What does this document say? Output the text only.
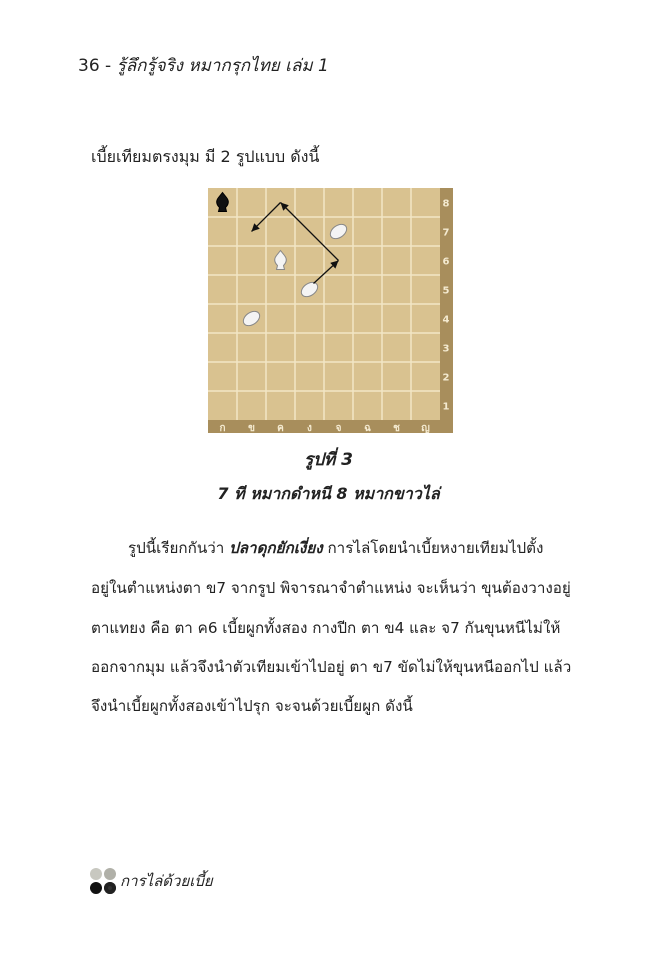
36 - รู้ลึกรู้จริง หมากรุกไทย เล่ม 1
เบี้ยเทียมตรงมุม มี 2 รูปแบบ ดังนี้
ก ข ค ง จ ฉ ช ญ
8
7
6
5
4
3
2
1
รูปที่ 3
7 ที หมากดำหนี 8 หมากขาวไล่
รูปนี้เรียกกันว่า ปลาดุกยักเงี่ยง การไล่โดยนำเบี้ยหงายเทียมไปตั้ง
อยู่ในตำแหน่งตา ข7 จากรูป พิจารณาจำตำแหน่ง จะเห็นว่า ขุนต้องวางอยู่
ตาแทยง คือ ตา ค6 เบี้ยผูกทั้งสอง กางปีก ตา ข4 และ จ7 กันขุนหนีไม่ให้
ออกจากมุม แล้วจึงนำตัวเทียมเข้าไปอยู่ ตา ข7 ขัดไม่ให้ขุนหนีออกไป แล้ว
จึงนำเบี้ยผูกทั้งสองเข้าไปรุก จะจนด้วยเบี้ยผูก ดังนี้
การไล่ด้วยเบี้ย
